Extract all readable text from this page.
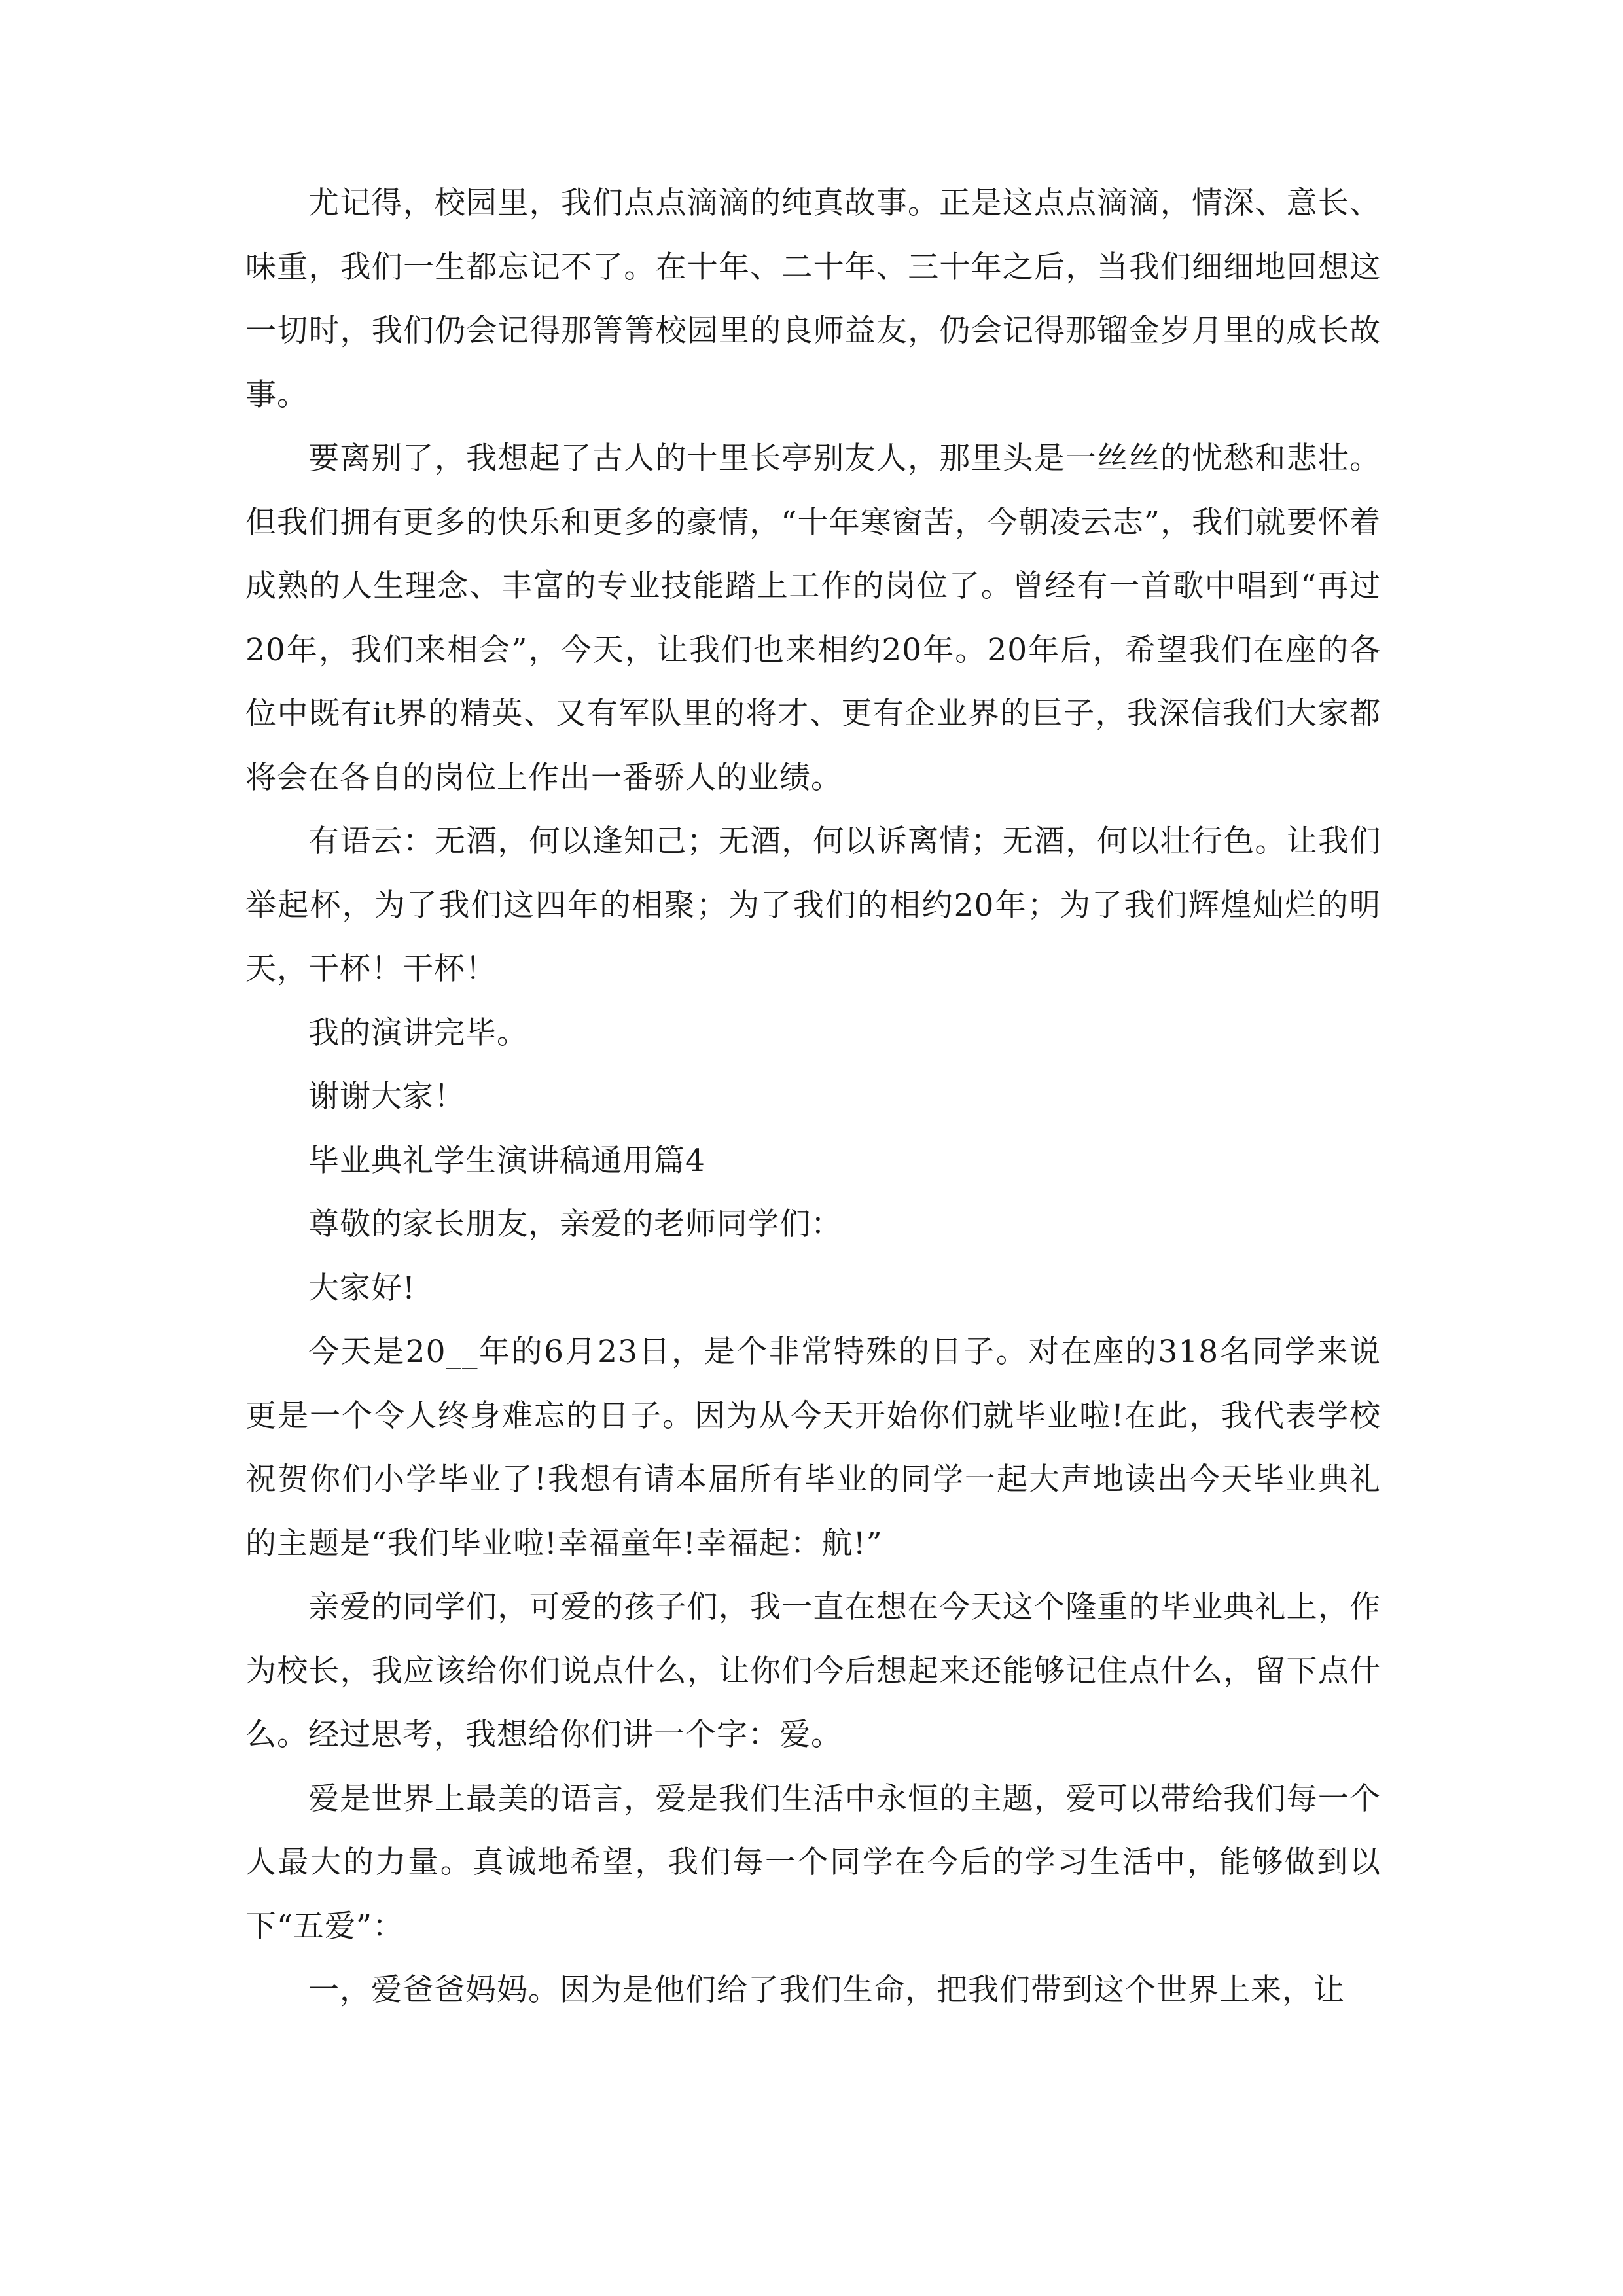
尤记得，校园里，我们点点滴滴的纯真故事。正是这点点滴滴，情深、意长、味重，我们一生都忘记不了。在十年、二十年、三十年之后，当我们细细地回想这一切时，我们仍会记得那箐箐校园里的良师益友，仍会记得那镏金岁月里的成长故事。

要离别了，我想起了古人的十里长亭别友人，那里头是一丝丝的忧愁和悲壮。但我们拥有更多的快乐和更多的豪情，“十年寒窗苦，今朝凌云志”，我们就要怀着成熟的人生理念、丰富的专业技能踏上工作的岗位了。曾经有一首歌中唱到“再过20年，我们来相会”，今天，让我们也来相约20年。20年后，希望我们在座的各位中既有it界的精英、又有军队里的将才、更有企业界的巨子，我深信我们大家都将会在各自的岗位上作出一番骄人的业绩。

有语云：无酒，何以逢知己；无酒，何以诉离情；无酒，何以壮行色。让我们举起杯，为了我们这四年的相聚；为了我们的相约20年；为了我们辉煌灿烂的明天，干杯！干杯！

我的演讲完毕。

谢谢大家！

毕业典礼学生演讲稿通用篇4

尊敬的家长朋友，亲爱的老师同学们：

大家好!

今天是20__年的6月23日，是个非常特殊的日子。对在座的318名同学来说更是一个令人终身难忘的日子。因为从今天开始你们就毕业啦!在此，我代表学校祝贺你们小学毕业了!我想有请本届所有毕业的同学一起大声地读出今天毕业典礼的主题是“我们毕业啦!幸福童年!幸福起：航!”

亲爱的同学们，可爱的孩子们，我一直在想在今天这个隆重的毕业典礼上，作为校长，我应该给你们说点什么，让你们今后想起来还能够记住点什么，留下点什么。经过思考，我想给你们讲一个字：爱。

爱是世界上最美的语言，爱是我们生活中永恒的主题，爱可以带给我们每一个人最大的力量。真诚地希望，我们每一个同学在今后的学习生活中，能够做到以下“五爱”：

一，爱爸爸妈妈。因为是他们给了我们生命，把我们带到这个世界上来，让
